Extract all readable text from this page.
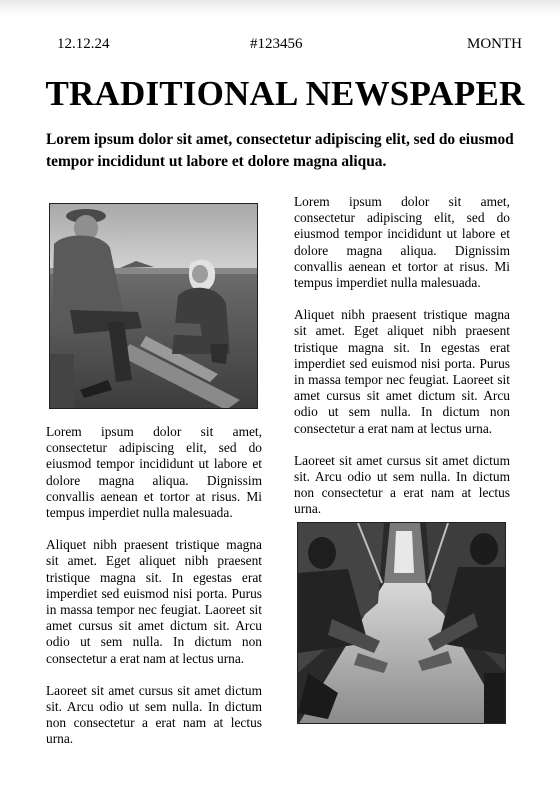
12.12.24	#123456	MONTH
TRADITIONAL NEWSPAPER

Lorem ipsum dolor sit amet, consectetur adipiscing elit, sed do eiusmod tempor incididunt ut labore et dolore magna aliqua.

Lorem ipsum dolor sit amet, consectetur adipiscing elit, sed do eiusmod tempor incididunt ut labore et dolore magna aliqua. Dignissim convallis aenean et tortor at risus. Mi tempus imperdiet nulla malesuada.

Aliquet nibh praesent tristique magna sit amet. Eget aliquet nibh praesent tristique magna sit. In egestas erat imperdiet sed euismod nisi porta. Purus in massa tempor nec feugiat. Laoreet sit amet cursus sit amet dictum sit. Arcu odio ut sem nulla. In dictum non consectetur a erat nam at lectus urna.

Laoreet sit amet cursus sit amet dictum sit. Arcu odio ut sem nulla. In dictum non consectetur a erat nam at lectus urna.

Lorem ipsum dolor sit amet, consectetur adipiscing elit, sed do eiusmod tempor incididunt ut labore et dolore magna aliqua. Dignissim convallis aenean et tortor at risus. Mi tempus imperdiet nulla malesuada.

Aliquet nibh praesent tristique magna sit amet. Eget aliquet nibh praesent tristique magna sit. In egestas erat imperdiet sed euismod nisi porta. Purus in massa tempor nec feugiat. Laoreet sit amet cursus sit amet dictum sit. Arcu odio ut sem nulla. In dictum non consectetur a erat nam at lectus urna.

Laoreet sit amet cursus sit amet dictum sit. Arcu odio ut sem nulla. In dictum non consectetur a erat nam at lectus urna.
